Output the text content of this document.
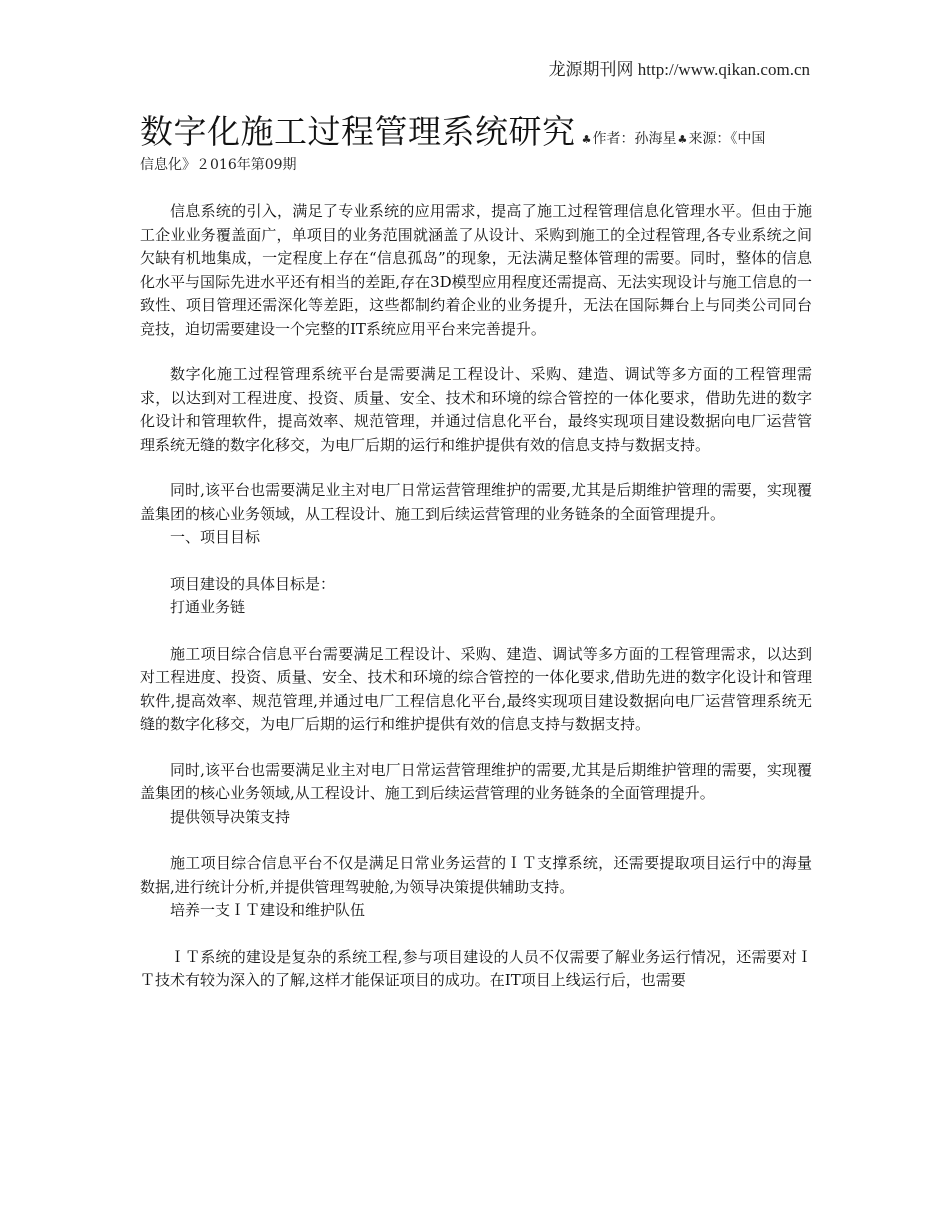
龙源期刊网 http://www.qikan.com.cn
数字化施工过程管理系统研究 ♣作者：孙海星♣来源：《中国
信息化》２016年第09期

信息系统的引入，满足了专业系统的应用需求，提高了施工过程管理信息化管理水平。但由于施工企业业务覆盖面广，单项目的业务范围就涵盖了从设计、采购到施工的全过程管理,各专业系统之间欠缺有机地集成，一定程度上存在“信息孤岛”的现象，无法满足整体管理的需要。同时，整体的信息化水平与国际先进水平还有相当的差距,存在3D模型应用程度还需提高、无法实现设计与施工信息的一致性、项目管理还需深化等差距，这些都制约着企业的业务提升，无法在国际舞台上与同类公司同台竞技，迫切需要建设一个完整的IT系统应用平台来完善提升。

数字化施工过程管理系统平台是需要满足工程设计、采购、建造、调试等多方面的工程管理需求，以达到对工程进度、投资、质量、安全、技术和环境的综合管控的一体化要求，借助先进的数字化设计和管理软件，提高效率、规范管理，并通过信息化平台，最终实现项目建设数据向电厂运营管理系统无缝的数字化移交，为电厂后期的运行和维护提供有效的信息支持与数据支持。

同时,该平台也需要满足业主对电厂日常运营管理维护的需要,尤其是后期维护管理的需要，实现覆盖集团的核心业务领域，从工程设计、施工到后续运营管理的业务链条的全面管理提升。

一、项目目标

项目建设的具体目标是：

打通业务链

施工项目综合信息平台需要满足工程设计、采购、建造、调试等多方面的工程管理需求，以达到对工程进度、投资、质量、安全、技术和环境的综合管控的一体化要求,借助先进的数字化设计和管理软件,提高效率、规范管理,并通过电厂工程信息化平台,最终实现项目建设数据向电厂运营管理系统无缝的数字化移交，为电厂后期的运行和维护提供有效的信息支持与数据支持。

同时,该平台也需要满足业主对电厂日常运营管理维护的需要,尤其是后期维护管理的需要，实现覆盖集团的核心业务领域,从工程设计、施工到后续运营管理的业务链条的全面管理提升。

提供领导决策支持

施工项目综合信息平台不仅是满足日常业务运营的ＩＴ支撑系统，还需要提取项目运行中的海量数据,进行统计分析,并提供管理驾驶舱,为领导决策提供辅助支持。

培养一支ＩＴ建设和维护队伍

ＩＴ系统的建设是复杂的系统工程,参与项目建设的人员不仅需要了解业务运行情况，还需要对ＩＴ技术有较为深入的了解,这样才能保证项目的成功。在IT项目上线运行后，也需要
